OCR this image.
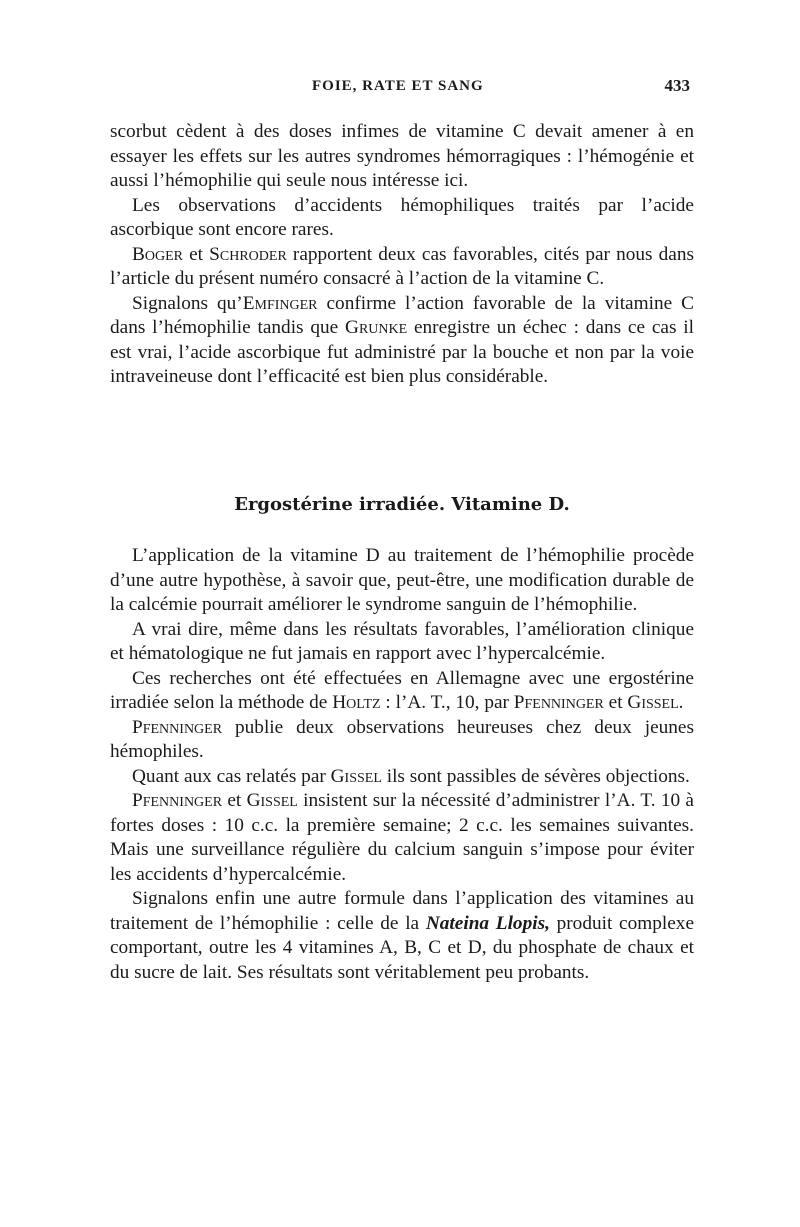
FOIE, RATE ET SANG	433

scorbut cèdent à des doses infimes de vitamine C devait amener à en essayer les effets sur les autres syndromes hémorragiques : l’hémogénie et aussi l’hémophilie qui seule nous intéresse ici.

Les observations d’accidents hémophiliques traités par l’acide ascorbique sont encore rares.

Boger et Schroder rapportent deux cas favorables, cités par nous dans l’article du présent numéro consacré à l’action de la vitamine C.

Signalons qu’Emfinger confirme l’action favorable de la vitamine C dans l’hémophilie tandis que Grunke enregistre un échec : dans ce cas il est vrai, l’acide ascorbique fut administré par la bouche et non par la voie intraveineuse dont l’efficacité est bien plus considérable.

Ergostérine irradiée. Vitamine D.

L’application de la vitamine D au traitement de l’hémophilie procède d’une autre hypothèse, à savoir que, peut-être, une modification durable de la calcémie pourrait améliorer le syndrome sanguin de l’hémophilie.

A vrai dire, même dans les résultats favorables, l’amélioration clinique et hématologique ne fut jamais en rapport avec l’hypercalcémie.

Ces recherches ont été effectuées en Allemagne avec une ergostérine irradiée selon la méthode de Holtz : l’A. T., 10, par Pfenninger et Gissel.

Pfenninger publie deux observations heureuses chez deux jeunes hémophiles.

Quant aux cas relatés par Gissel ils sont passibles de sévères objections.

Pfenninger et Gissel insistent sur la nécessité d’administrer l’A. T. 10 à fortes doses : 10 c.c. la première semaine; 2 c.c. les semaines suivantes. Mais une surveillance régulière du calcium sanguin s’impose pour éviter les accidents d’hypercalcémie.

Signalons enfin une autre formule dans l’application des vitamines au traitement de l’hémophilie : celle de la Nateina Llopis, produit complexe comportant, outre les 4 vitamines A, B, C et D, du phosphate de chaux et du sucre de lait. Ses résultats sont véritablement peu probants.
